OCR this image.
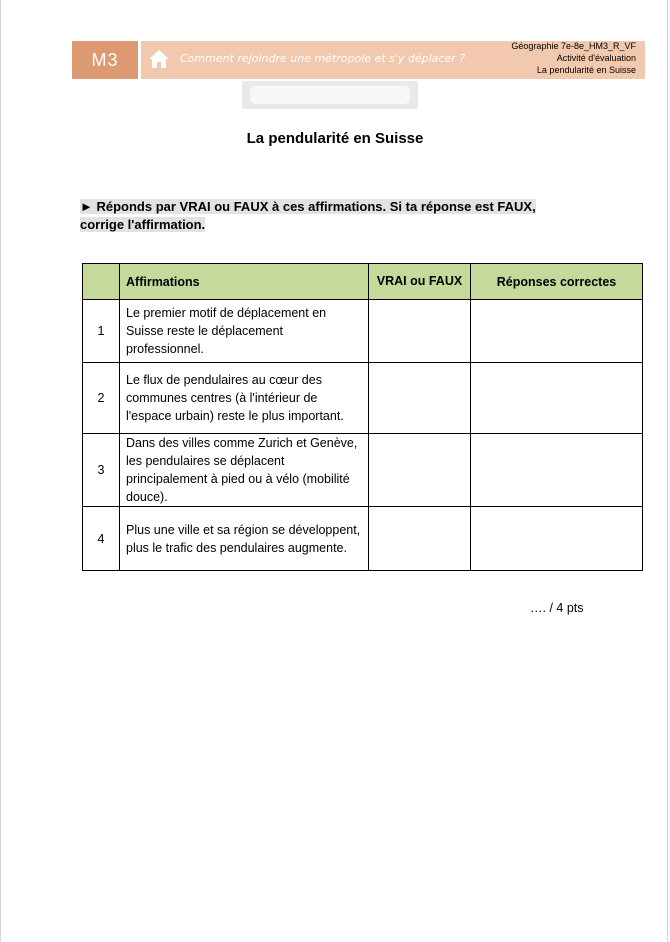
M3	Comment rejoindre une métropole et s'y déplacer ?
Géographie 7e-8e_HM3_R_VF
Activité d'évaluation
La pendularité en Suisse
La pendularité en Suisse
► Réponds par VRAI ou FAUX à ces affirmations. Si ta réponse est FAUX,
corrige l'affirmation.
	Affirmations	VRAI ou FAUX	Réponses correctes
1	Le premier motif de déplacement en Suisse reste le déplacement professionnel.		
2	Le flux de pendulaires au cœur des communes centres (à l'intérieur de l'espace urbain) reste le plus important.		
3	Dans des villes comme Zurich et Genève, les pendulaires se déplacent principalement à pied ou à vélo (mobilité douce).		
4	Plus une ville et sa région se développent, plus le trafic des pendulaires augmente.		
…. / 4 pts
